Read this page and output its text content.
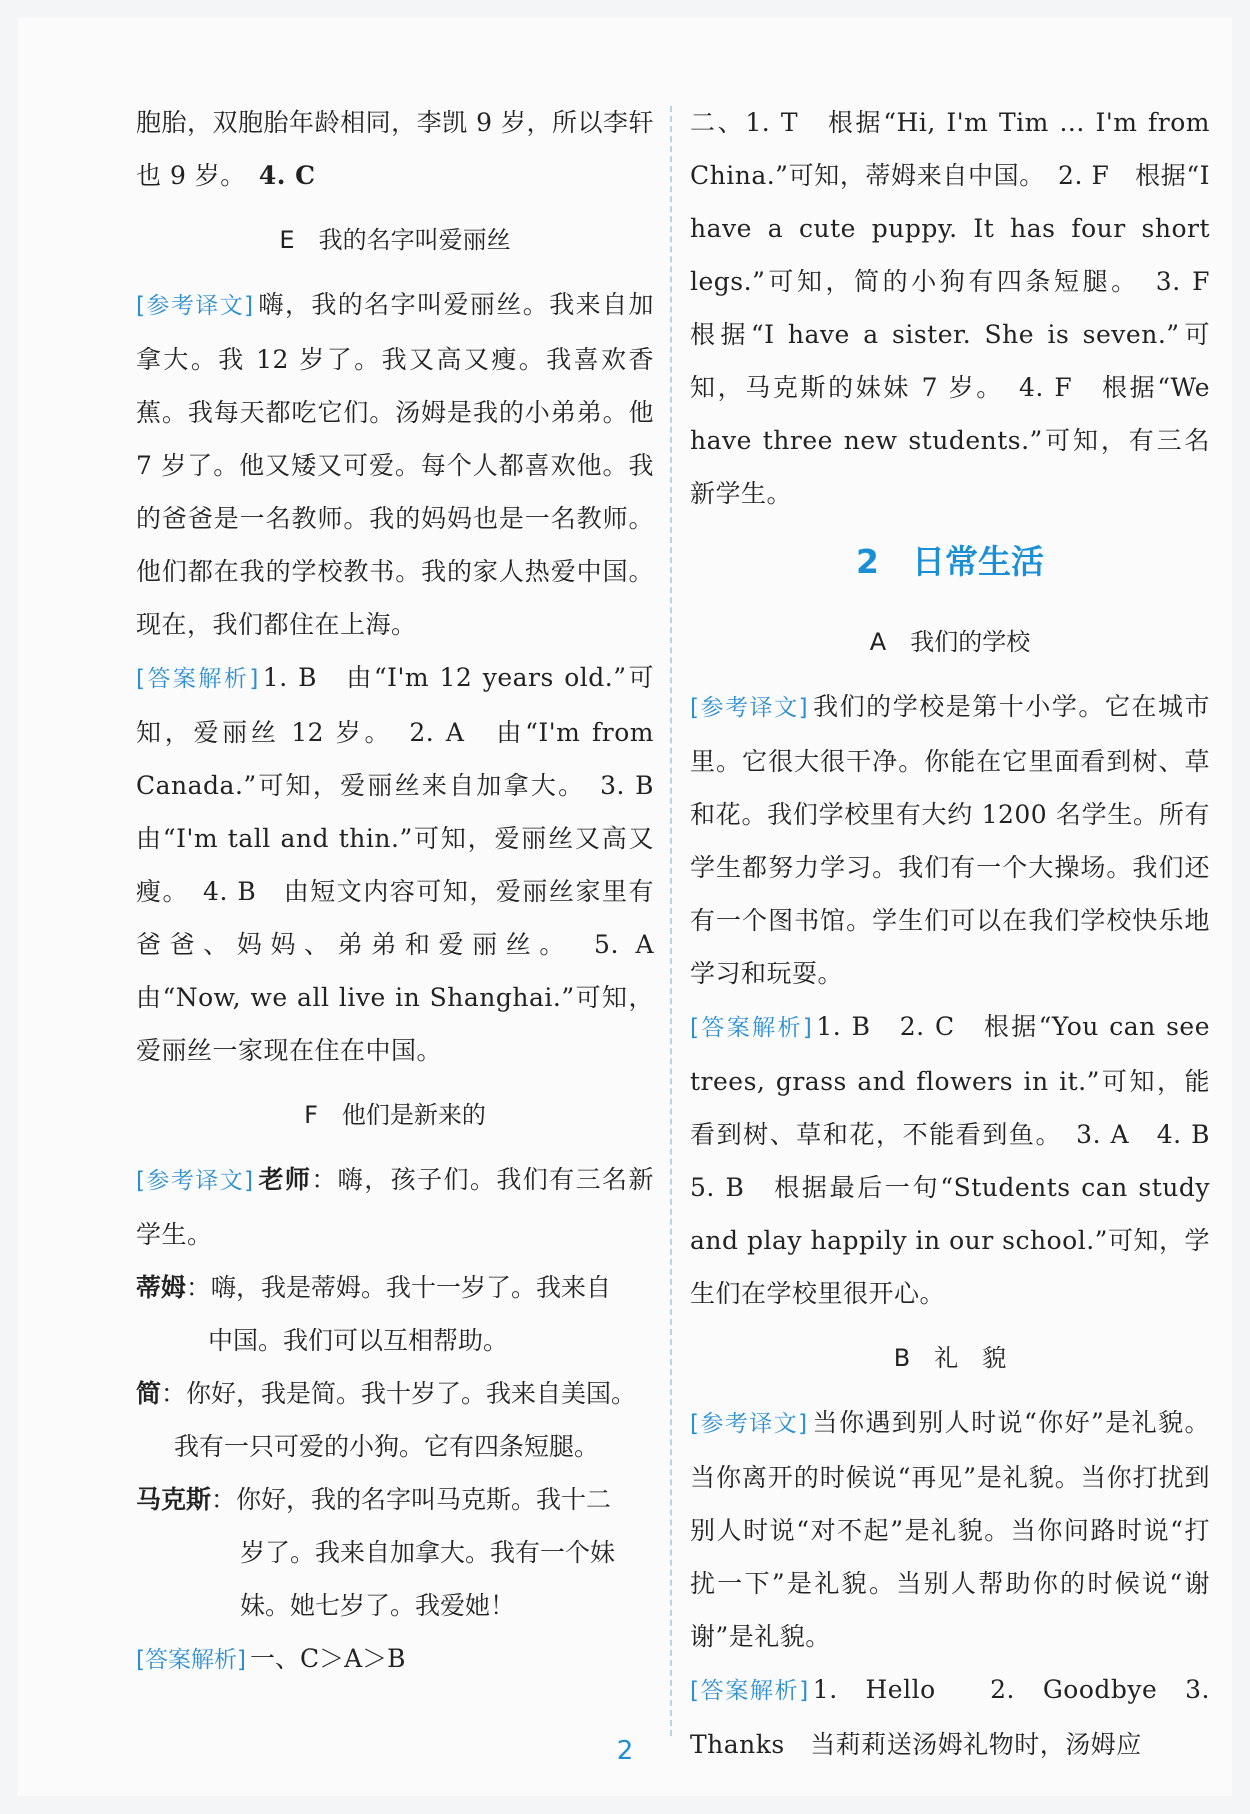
胞胎，双胞胎年龄相同，李凯 9 岁，所以李轩也 9 岁。　 4. C

E　我的名字叫爱丽丝

[参考译文] 嗨，我的名字叫爱丽丝。我来自加拿大。我 12 岁了。我又高又瘦。我喜欢香蕉。我每天都吃它们。汤姆是我的小弟弟。他 7 岁了。他又矮又可爱。每个人都喜欢他。我的爸爸是一名教师。我的妈妈也是一名教师。他们都在我的学校教书。我的家人热爱中国。现在，我们都住在上海。

[答案解析] 1. B　由“I'm 12 years old.”可知，爱丽丝 12 岁。　2. A　由“I'm from Canada.”可知，爱丽丝来自加拿大。　3. B　由“I'm tall and thin.”可知，爱丽丝又高又瘦。　4. B　由短文内容可知，爱丽丝家里有爸爸、妈妈、弟弟和爱丽丝。　5. A　由“Now, we all live in Shanghai.”可知，爱丽丝一家现在住在中国。

F　他们是新来的

[参考译文] 老师：嗨，孩子们。我们有三名新学生。

蒂姆：嗨，我是蒂姆。我十一岁了。我来自

中国。我们可以互相帮助。

简：你好，我是简。我十岁了。我来自美国。

我有一只可爱的小狗。它有四条短腿。

马克斯：你好，我的名字叫马克斯。我十二

岁了。我来自加拿大。我有一个妹

妹。她七岁了。我爱她！

[答案解析] 一、C＞A＞B

二、1. T　根据“Hi, I'm Tim ... I'm from China.”可知，蒂姆来自中国。　2. F　根据“I have a cute puppy. It has four short legs.”可知，简的小狗有四条短腿。　3. F　根据“I have a sister. She is seven.”可知，马克斯的妹妹 7 岁。　4. F　根据“We have three new students.”可知，有三名新学生。

2　 日常生活
A　我们的学校

[参考译文] 我们的学校是第十小学。它在城市里。它很大很干净。你能在它里面看到树、草和花。我们学校里有大约 1200 名学生。所有学生都努力学习。我们有一个大操场。我们还有一个图书馆。学生们可以在我们学校快乐地学习和玩耍。

[答案解析] 1. B　2. C　根据“You can see trees, grass and flowers in it.”可知，能看到树、草和花，不能看到鱼。　3. A　4. B　5. B　根据最后一句“Students can study and play happily in our school.”可知，学生们在学校里很开心。

B　礼　貌

[参考译文] 当你遇到别人时说“你好”是礼貌。当你离开的时候说“再见”是礼貌。当你打扰到别人时说“对不起”是礼貌。当你问路时说“打扰一下”是礼貌。当别人帮助你的时候说“谢谢”是礼貌。

[答案解析] 1.　Hello　　2.　Goodbye　3. Thanks　当莉莉送汤姆礼物时，汤姆应

2
